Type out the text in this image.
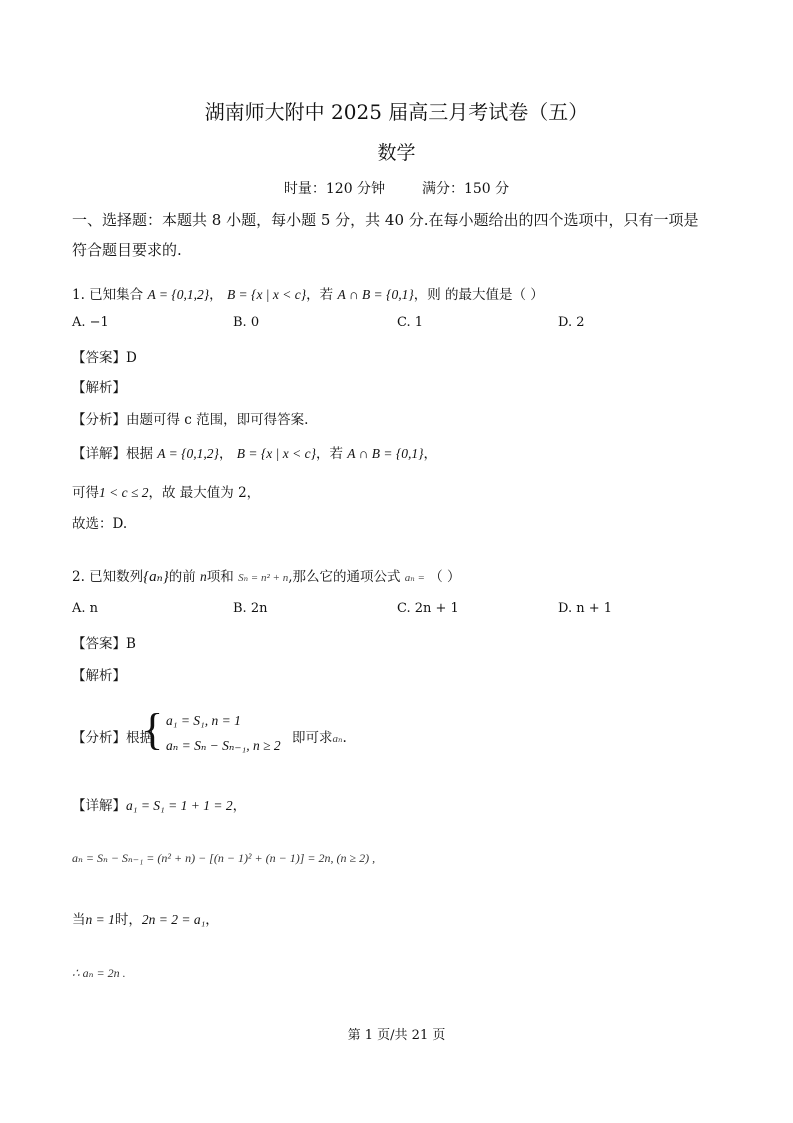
湖南师大附中 2025 届高三月考试卷（五）
数学
时量：120 分钟	满分：150 分
一、选择题：本题共 8 小题，每小题 5 分，共 40 分.在每小题给出的四个选项中，只有一项是
符合题目要求的.
1. 已知集合 A = {0,1,2}， B = {x | x < c}，若 A ∩ B = {0,1}，则 的最大值是（ ）
A. −1	B. 0	C. 1	D. 2
【答案】D
【解析】
【分析】由题可得 c 范围，即可得答案.
【详解】根据 A = {0,1,2}， B = {x | x < c}，若 A ∩ B = {0,1}，
可得1 < c ≤ 2，故 最大值为 2，
故选：D.
2. 已知数列{aₙ}的前 n项和 Sₙ = n² + n,那么它的通项公式 aₙ = （ ）
A. n	B. 2n	C. 2n + 1	D. n + 1
【答案】B
【解析】
【分析】根据
{ a₁ = S₁, n = 1
aₙ = Sₙ − Sₙ₋₁, n ≥ 2 即可求aₙ.
【详解】a₁ = S₁ = 1 + 1 = 2，
aₙ = Sₙ − Sₙ₋₁ = (n² + n) − [(n − 1)² + (n − 1)] = 2n, (n ≥ 2) ,
当n = 1时，2n = 2 = a₁，
∴ aₙ = 2n .
第 1 页/共 21 页
